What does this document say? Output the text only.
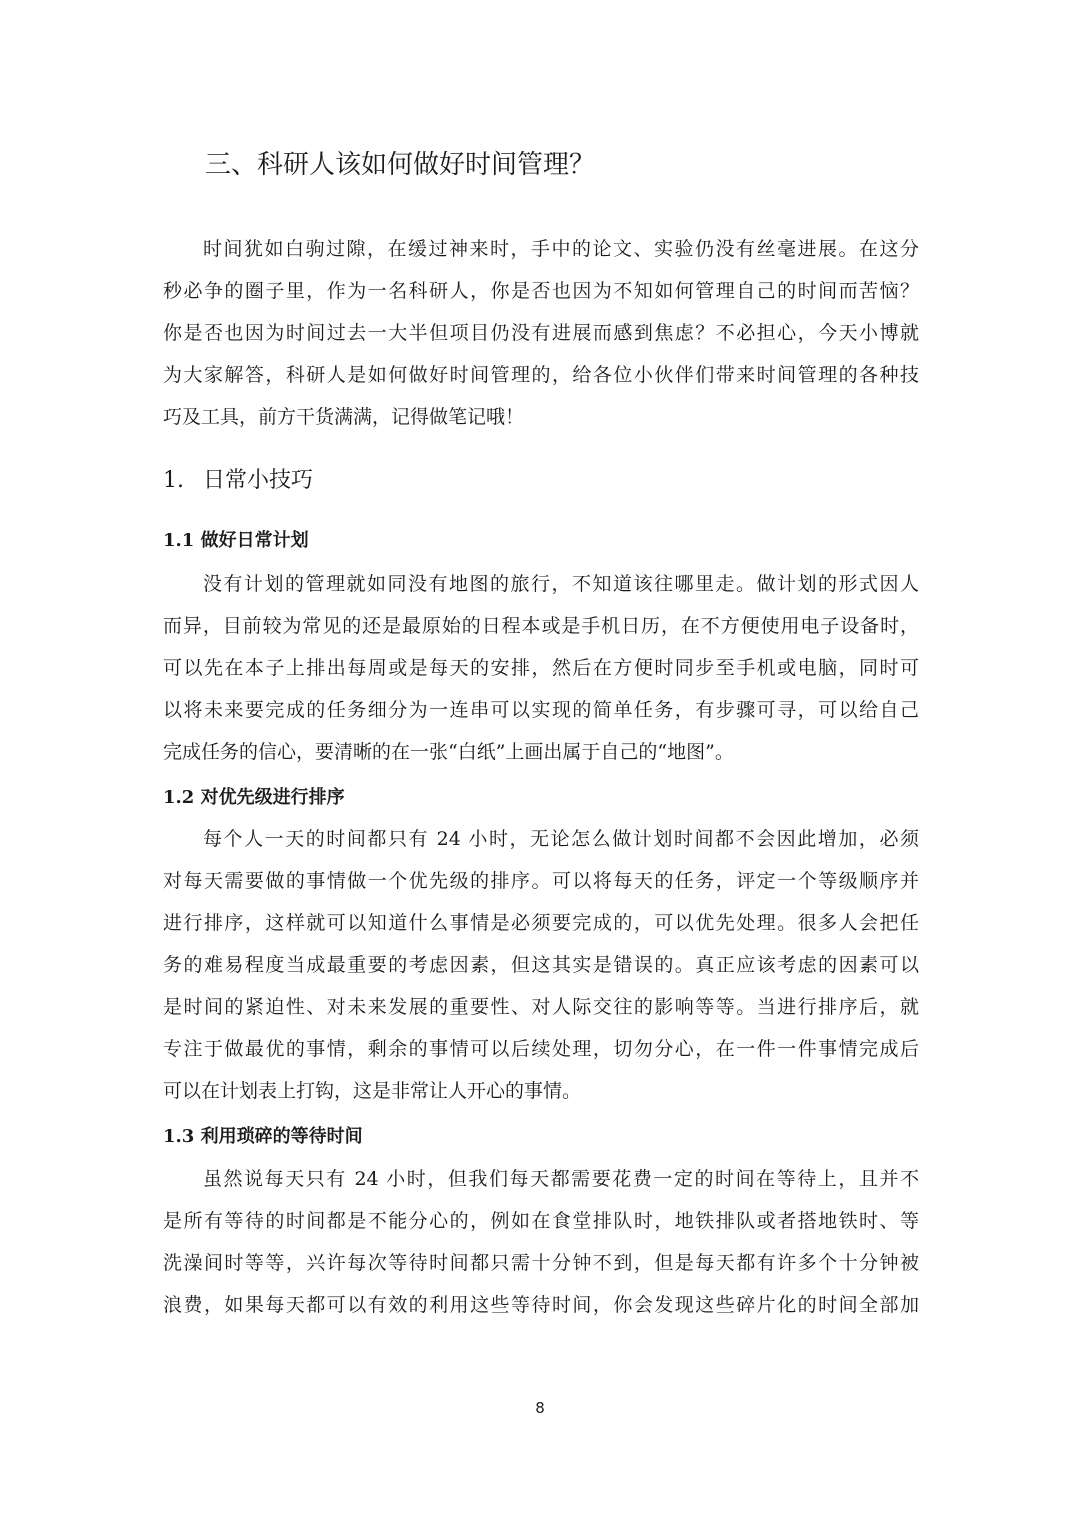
三、科研人该如何做好时间管理？
时间犹如白驹过隙，在缓过神来时，手中的论文、实验仍没有丝毫进展。在这分
秒必争的圈子里，作为一名科研人，你是否也因为不知如何管理自己的时间而苦恼？
你是否也因为时间过去一大半但项目仍没有进展而感到焦虑？不必担心，今天小博就
为大家解答，科研人是如何做好时间管理的，给各位小伙伴们带来时间管理的各种技
巧及工具，前方干货满满，记得做笔记哦！
1. 日常小技巧
1.1 做好日常计划
没有计划的管理就如同没有地图的旅行，不知道该往哪里走。做计划的形式因人
而异，目前较为常见的还是最原始的日程本或是手机日历，在不方便使用电子设备时，
可以先在本子上排出每周或是每天的安排，然后在方便时同步至手机或电脑，同时可
以将未来要完成的任务细分为一连串可以实现的简单任务，有步骤可寻，可以给自己
完成任务的信心，要清晰的在一张“白纸”上画出属于自己的“地图”。
1.2 对优先级进行排序
每个人一天的时间都只有 24 小时，无论怎么做计划时间都不会因此增加，必须
对每天需要做的事情做一个优先级的排序。可以将每天的任务，评定一个等级顺序并
进行排序，这样就可以知道什么事情是必须要完成的，可以优先处理。很多人会把任
务的难易程度当成最重要的考虑因素，但这其实是错误的。真正应该考虑的因素可以
是时间的紧迫性、对未来发展的重要性、对人际交往的影响等等。当进行排序后，就
专注于做最优的事情，剩余的事情可以后续处理，切勿分心，在一件一件事情完成后
可以在计划表上打钩，这是非常让人开心的事情。
1.3 利用琐碎的等待时间
虽然说每天只有 24 小时，但我们每天都需要花费一定的时间在等待上，且并不
是所有等待的时间都是不能分心的，例如在食堂排队时，地铁排队或者搭地铁时、等
洗澡间时等等，兴许每次等待时间都只需十分钟不到，但是每天都有许多个十分钟被
浪费，如果每天都可以有效的利用这些等待时间，你会发现这些碎片化的时间全部加
8
